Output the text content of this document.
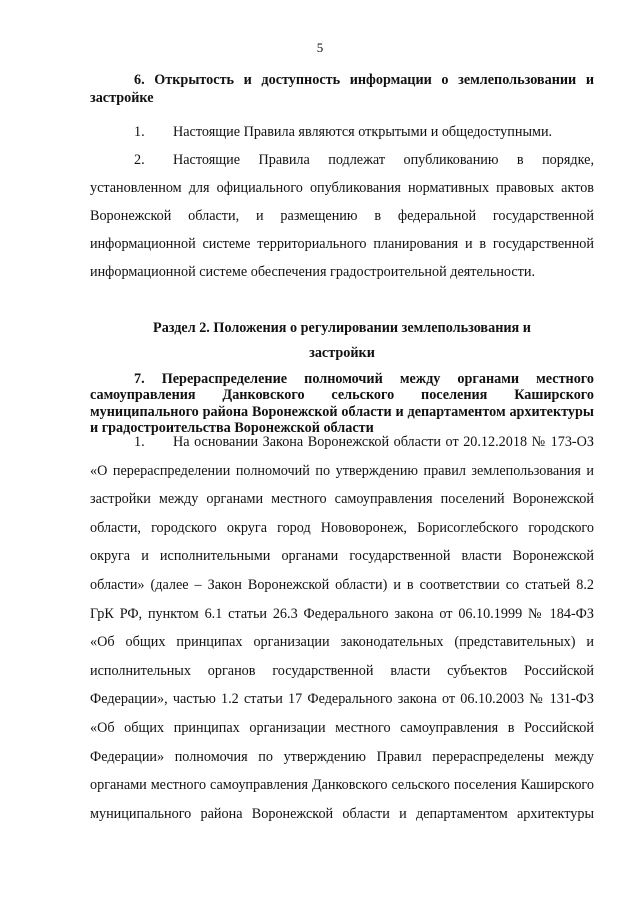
5
6. Открытость и доступность информации о землепользовании и застройке
1.  Настоящие Правила являются открытыми и общедоступными.
2.  Настоящие Правила подлежат опубликованию в порядке, установленном для официального опубликования нормативных правовых актов Воронежской области, и размещению в федеральной государственной информационной системе территориального планирования и в государственной информационной системе обеспечения градостроительной деятельности.
Раздел 2. Положения о регулировании землепользования и
застройки
7. Перераспределение полномочий между органами местного самоуправления Данковского сельского поселения Каширского муниципального района Воронежской области и департаментом архитектуры и градостроительства Воронежской области
1.  На основании Закона Воронежской области от 20.12.2018 № 173-ОЗ «О перераспределении полномочий по утверждению правил землепользования и застройки между органами местного самоуправления поселений Воронежской области, городского округа город Нововоронеж, Борисоглебского городского округа и исполнительными органами государственной власти Воронежской области» (далее – Закон Воронежской области) и в соответствии со статьей 8.2 ГрК РФ, пунктом 6.1 статьи 26.3 Федерального закона от 06.10.1999 № 184-ФЗ «Об общих принципах организации законодательных (представительных) и исполнительных органов государственной власти субъектов Российской Федерации», частью 1.2 статьи 17 Федерального закона от 06.10.2003 № 131-ФЗ «Об общих принципах организации местного самоуправления в Российской Федерации» полномочия по утверждению Правил перераспределены между органами местного самоуправления Данковского сельского поселения Каширского муниципального района Воронежской области и департаментом архитектуры
